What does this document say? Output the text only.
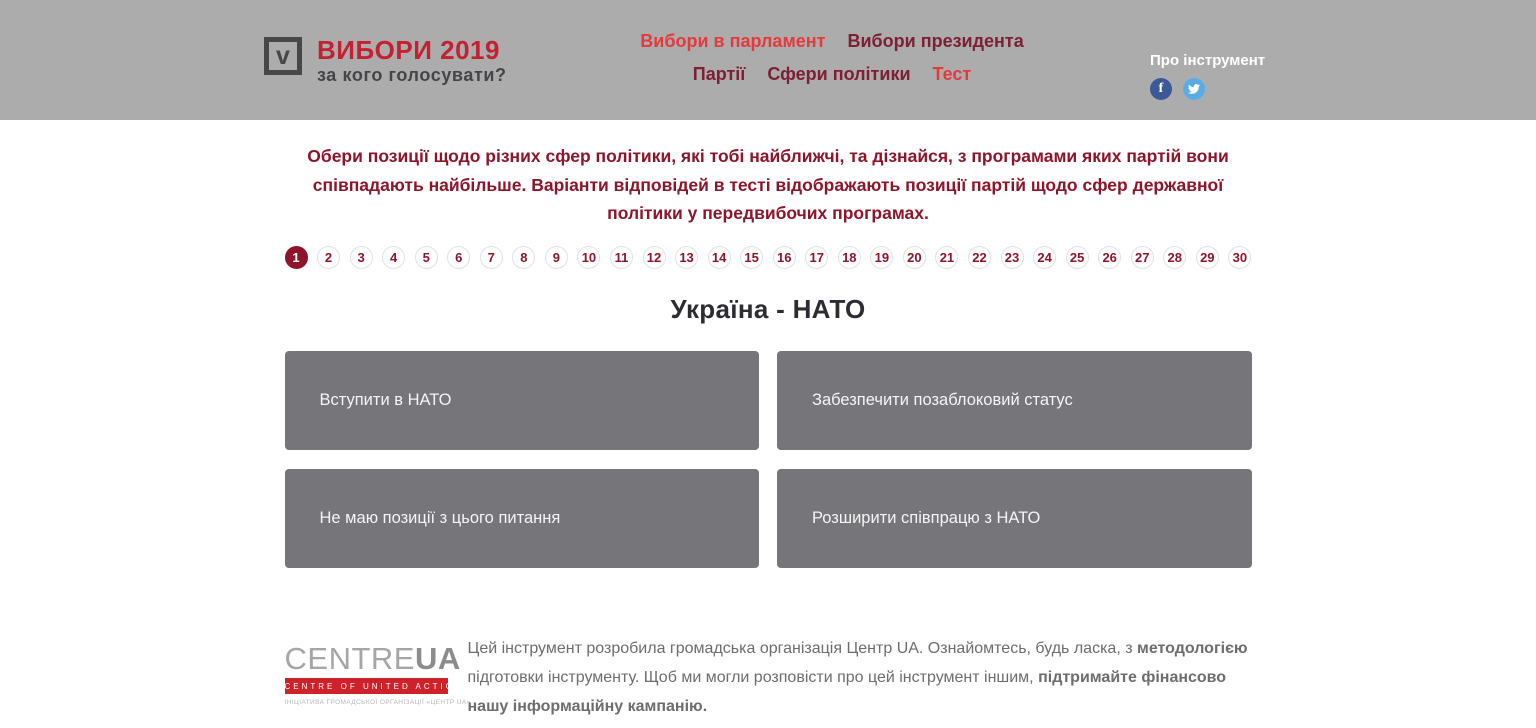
v ВИБОРИ 2019
за кого голосувати?
Вибори в парламент Вибори президента
Партії Сфери політики Тест
Про інструмент
f

Обери позиції щодо різних сфер політики, які тобі найближчі, та дізнайся, з програмами яких партій вони співпадають найбільше. Варіанти відповідей в тесті відображають позиції партій щодо сфер державної політики у передвибочих програмах.

1	2	3	4	5	6	7	8	9	10	11	12	13	14	15	16	17	18	19	20	21	22	23	24	25	26	27	28	29	30
Україна - НАТО
Вступити в НАТО	Забезпечити позаблоковий статус
Не маю позиції з цього питання	Розширити співпрацю з НАТО
CENTREUA
CENTRE OF UNITED ACTIONS
ІНІЦІАТИВА ГРОМАДСЬКОЇ ОРГАНІЗАЦІЇ «ЦЕНТР UA»

Цей інструмент розробила громадська організація Центр UA. Ознайомтесь, будь ласка, з методологією підготовки інструменту. Щоб ми могли розповісти про цей інструмент іншим, підтримайте фінансово нашу інформаційну кампанію.
